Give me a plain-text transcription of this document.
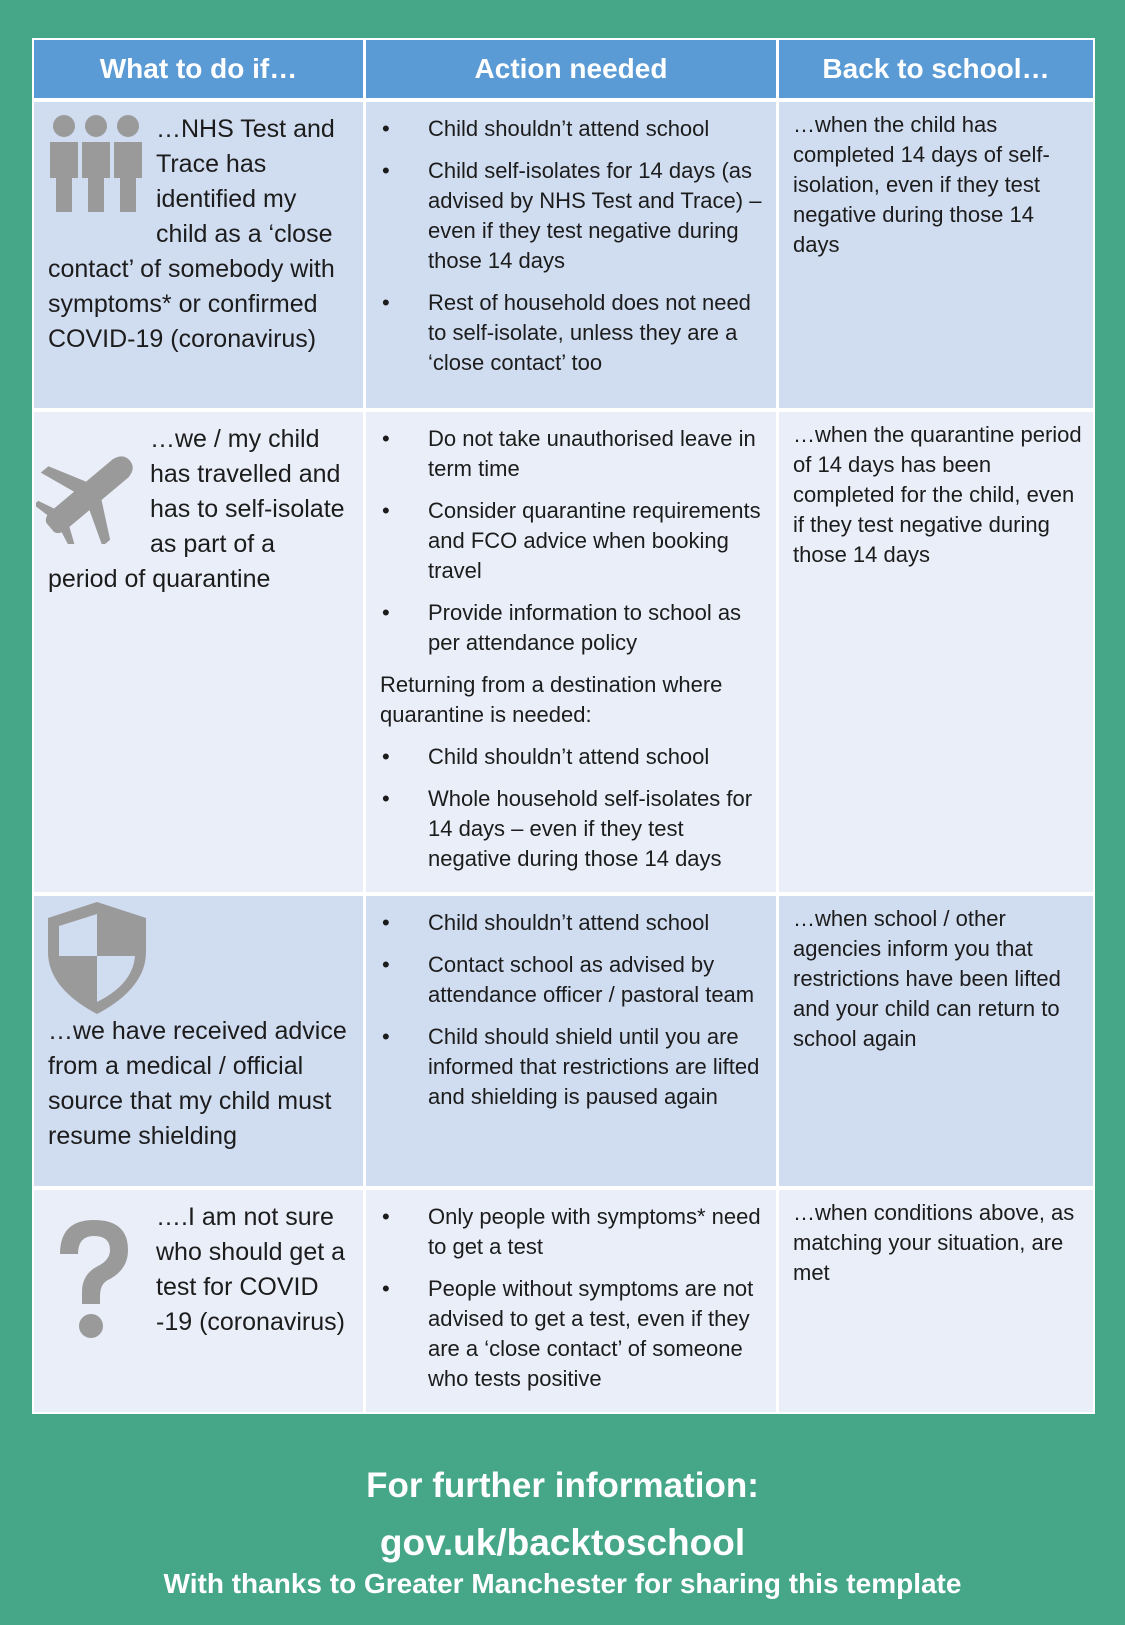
What to do if…	Action needed	Back to school…
…NHS Test and Trace has identified my child as a ‘close contact’ of somebody with symptoms* or confirmed COVID-19 (coronavirus)
• Child shouldn’t attend school
• Child self-isolates for 14 days (as advised by NHS Test and Trace) – even if they test negative during those 14 days
• Rest of household does not need to self-isolate, unless they are a ‘close contact’ too

…when the child has completed 14 days of self-isolation, even if they test negative during those 14 days

…we / my child has travelled and has to self-isolate as part of a period of quarantine
• Do not take unauthorised leave in term time
• Consider quarantine requirements and FCO advice when booking travel
• Provide information to school as per attendance policy

Returning from a destination where quarantine is needed:

• Child shouldn’t attend school
• Whole household self-isolates for 14 days – even if they test negative during those 14 days

…when the quarantine period of 14 days has been completed for the child, even if they test negative during those 14 days

…we have received advice from a medical / official source that my child must resume shielding
• Child shouldn’t attend school
• Contact school as advised by attendance officer / pastoral team
• Child should shield until you are informed that restrictions are lifted and shielding is paused again

…when school / other agencies inform you that restrictions have been lifted and your child can return to school again

….I am not sure who should get a test for COVID -19 (coronavirus)
• Only people with symptoms* need to get a test
• People without symptoms are not advised to get a test, even if they are a ‘close contact’ of someone who tests positive

…when conditions above, as matching your situation, are met

For further information:
gov.uk/backtoschool
With thanks to Greater Manchester for sharing this template
